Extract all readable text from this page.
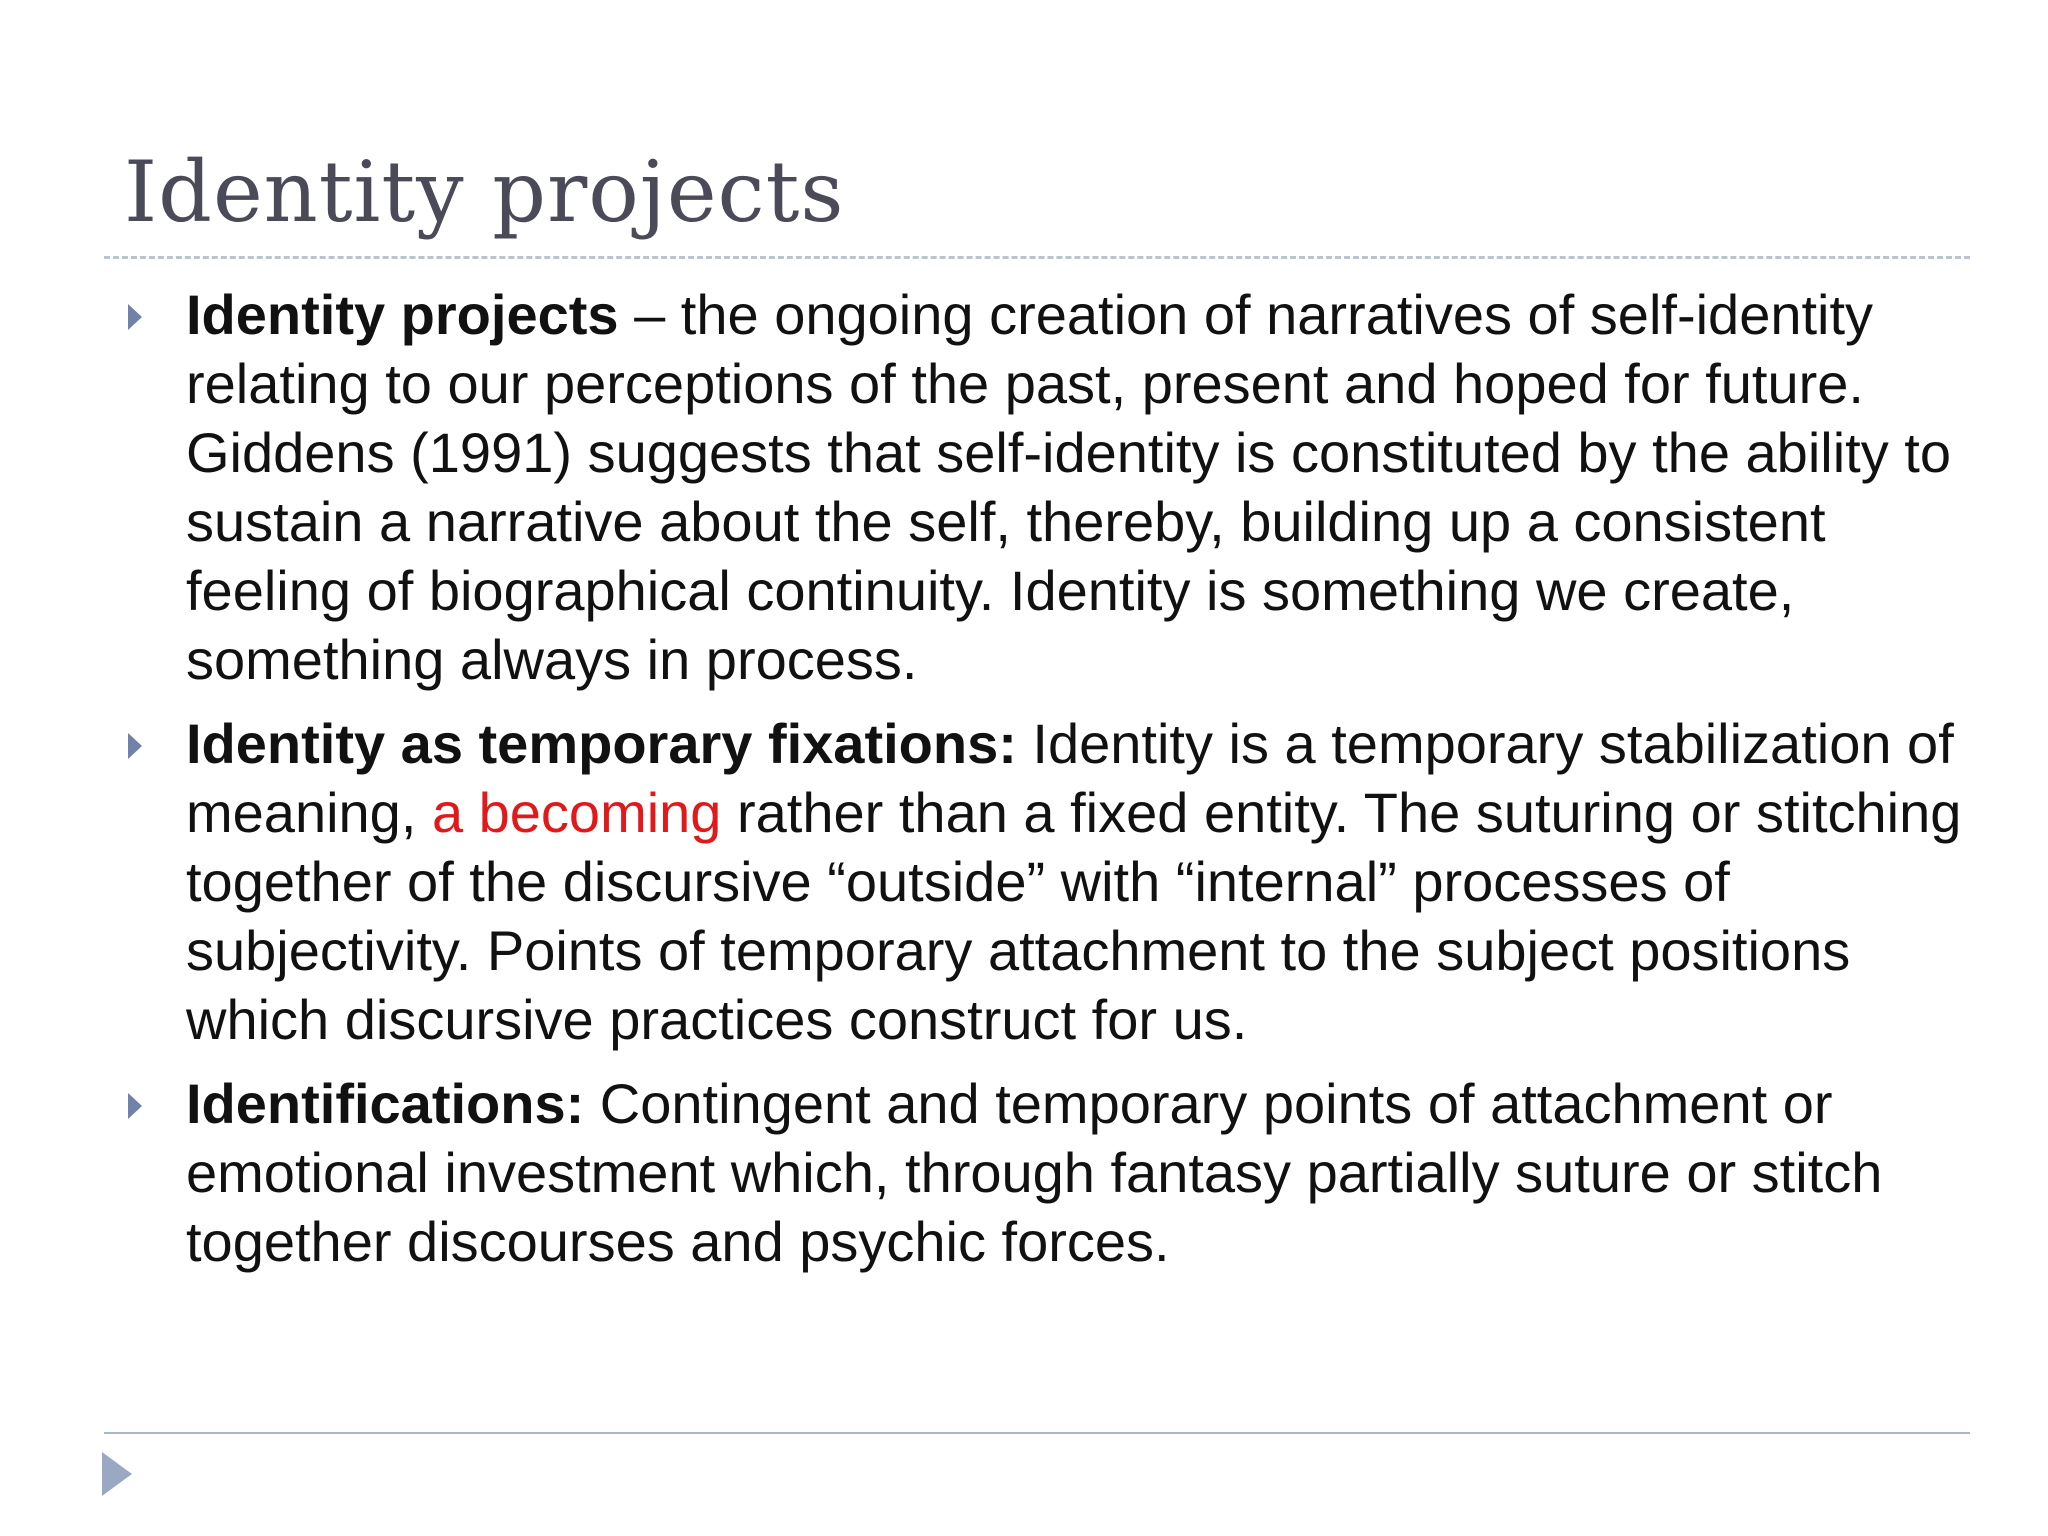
Identity projects
Identity projects – the ongoing creation of narratives of self-identity relating to our perceptions of the past, present and hoped for future. Giddens (1991) suggests that self-identity is constituted by the ability to sustain a narrative about the self, thereby, building up a consistent feeling of biographical continuity. Identity is something we create, something always in process.
Identity as temporary fixations: Identity is a temporary stabilization of meaning, a becoming rather than a fixed entity. The suturing or stitching together of the discursive “outside” with “internal” processes of subjectivity. Points of temporary attachment to the subject positions which discursive practices construct for us.
Identifications: Contingent and temporary points of attachment or emotional investment which, through fantasy partially suture or stitch together discourses and psychic forces.
